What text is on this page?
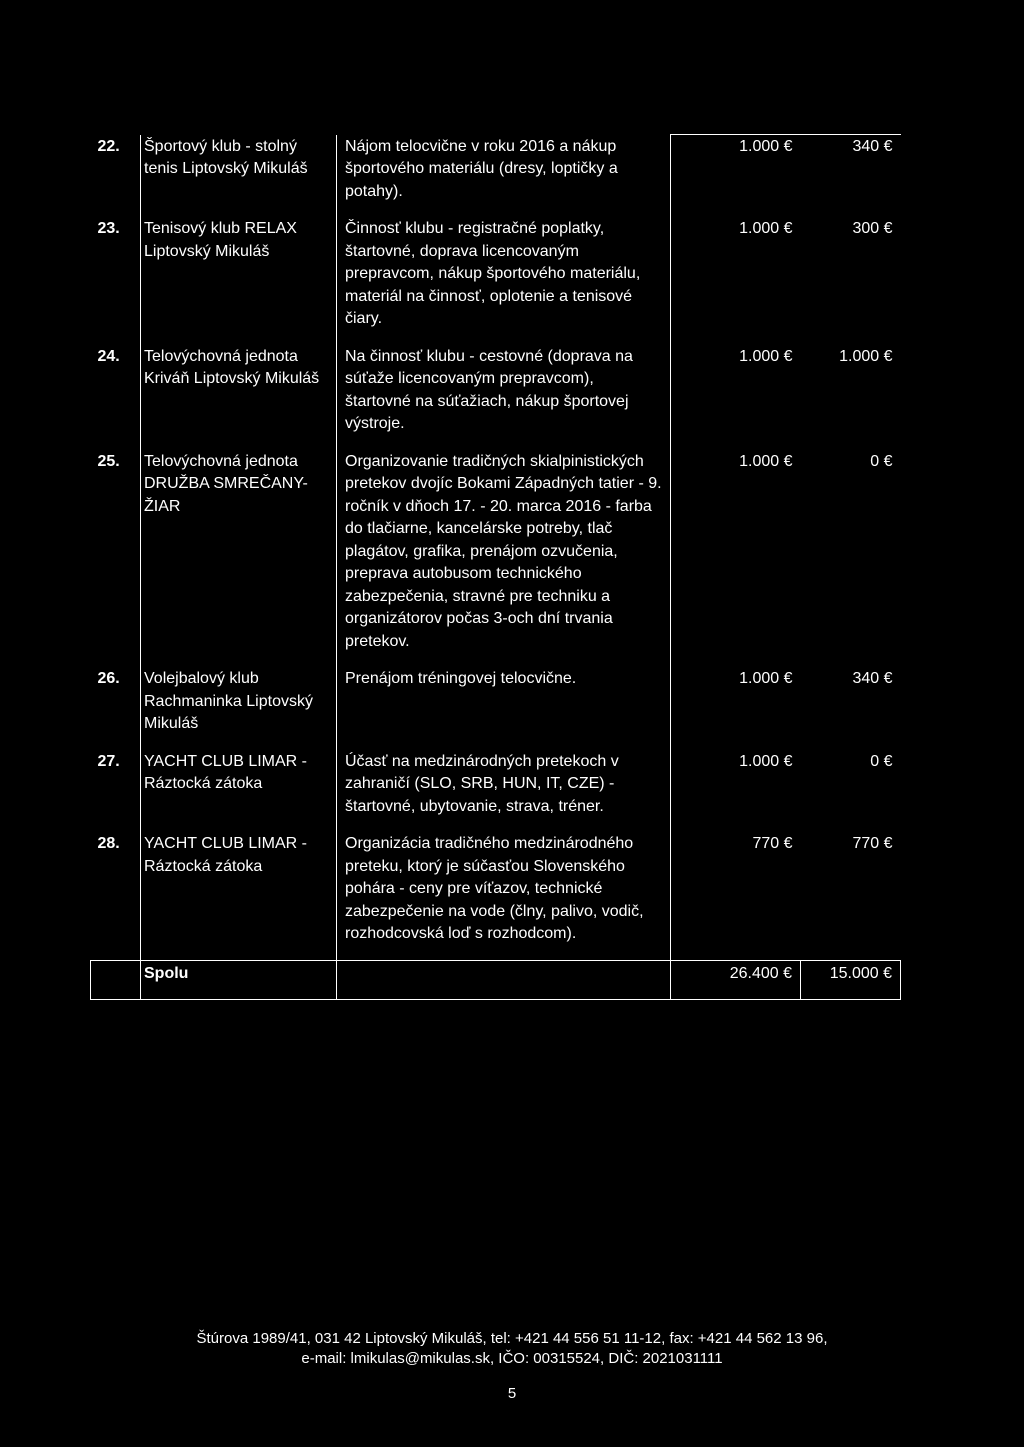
22.	Športový klub - stolný tenis Liptovský Mikuláš	Nájom telocvične v roku 2016 a nákup športového materiálu (dresy, loptičky a potahy).	1.000 €	340 €
23.	Tenisový klub RELAX Liptovský Mikuláš	Činnosť klubu - registračné poplatky, štartovné, doprava licencovaným prepravcom, nákup športového materiálu, materiál na činnosť, oplotenie a tenisové čiary.	1.000 €	300 €
24.	Telovýchovná jednota Kriváň Liptovský Mikuláš	Na činnosť klubu - cestovné (doprava na súťaže licencovaným prepravcom), štartovné na súťažiach, nákup športovej výstroje.	1.000 €	1.000 €
25.	Telovýchovná jednota DRUŽBA SMREČANY-ŽIAR	Organizovanie tradičných skialpinistických pretekov dvojíc Bokami Západných tatier - 9. ročník v dňoch 17. - 20. marca 2016 - farba do tlačiarne, kancelárske potreby, tlač plagátov, grafika, prenájom ozvučenia, preprava autobusom technického zabezpečenia, stravné pre techniku a organizátorov počas 3-och dní trvania pretekov.	1.000 €	0 €
26.	Volejbalový klub Rachmaninka Liptovský Mikuláš	Prenájom tréningovej telocvične.	1.000 €	340 €
27.	YACHT CLUB LIMAR - Ráztocká zátoka	Účasť na medzinárodných pretekoch v zahraničí (SLO, SRB, HUN, IT, CZE) - štartovné, ubytovanie, strava, tréner.	1.000 €	0 €
28.	YACHT CLUB LIMAR - Ráztocká zátoka	Organizácia tradičného medzinárodného preteku, ktorý je súčasťou Slovenského pohára - ceny pre víťazov, technické zabezpečenie na vode (člny, palivo, vodič, rozhodcovská loď s rozhodcom).	770 €	770 €
	Spolu		26.400 €	15.000 €
Štúrova 1989/41, 031 42 Liptovský Mikuláš, tel: +421 44 556 51 11-12, fax: +421 44 562 13 96,
e-mail: lmikulas@mikulas.sk, IČO: 00315524, DIČ: 2021031111
5
